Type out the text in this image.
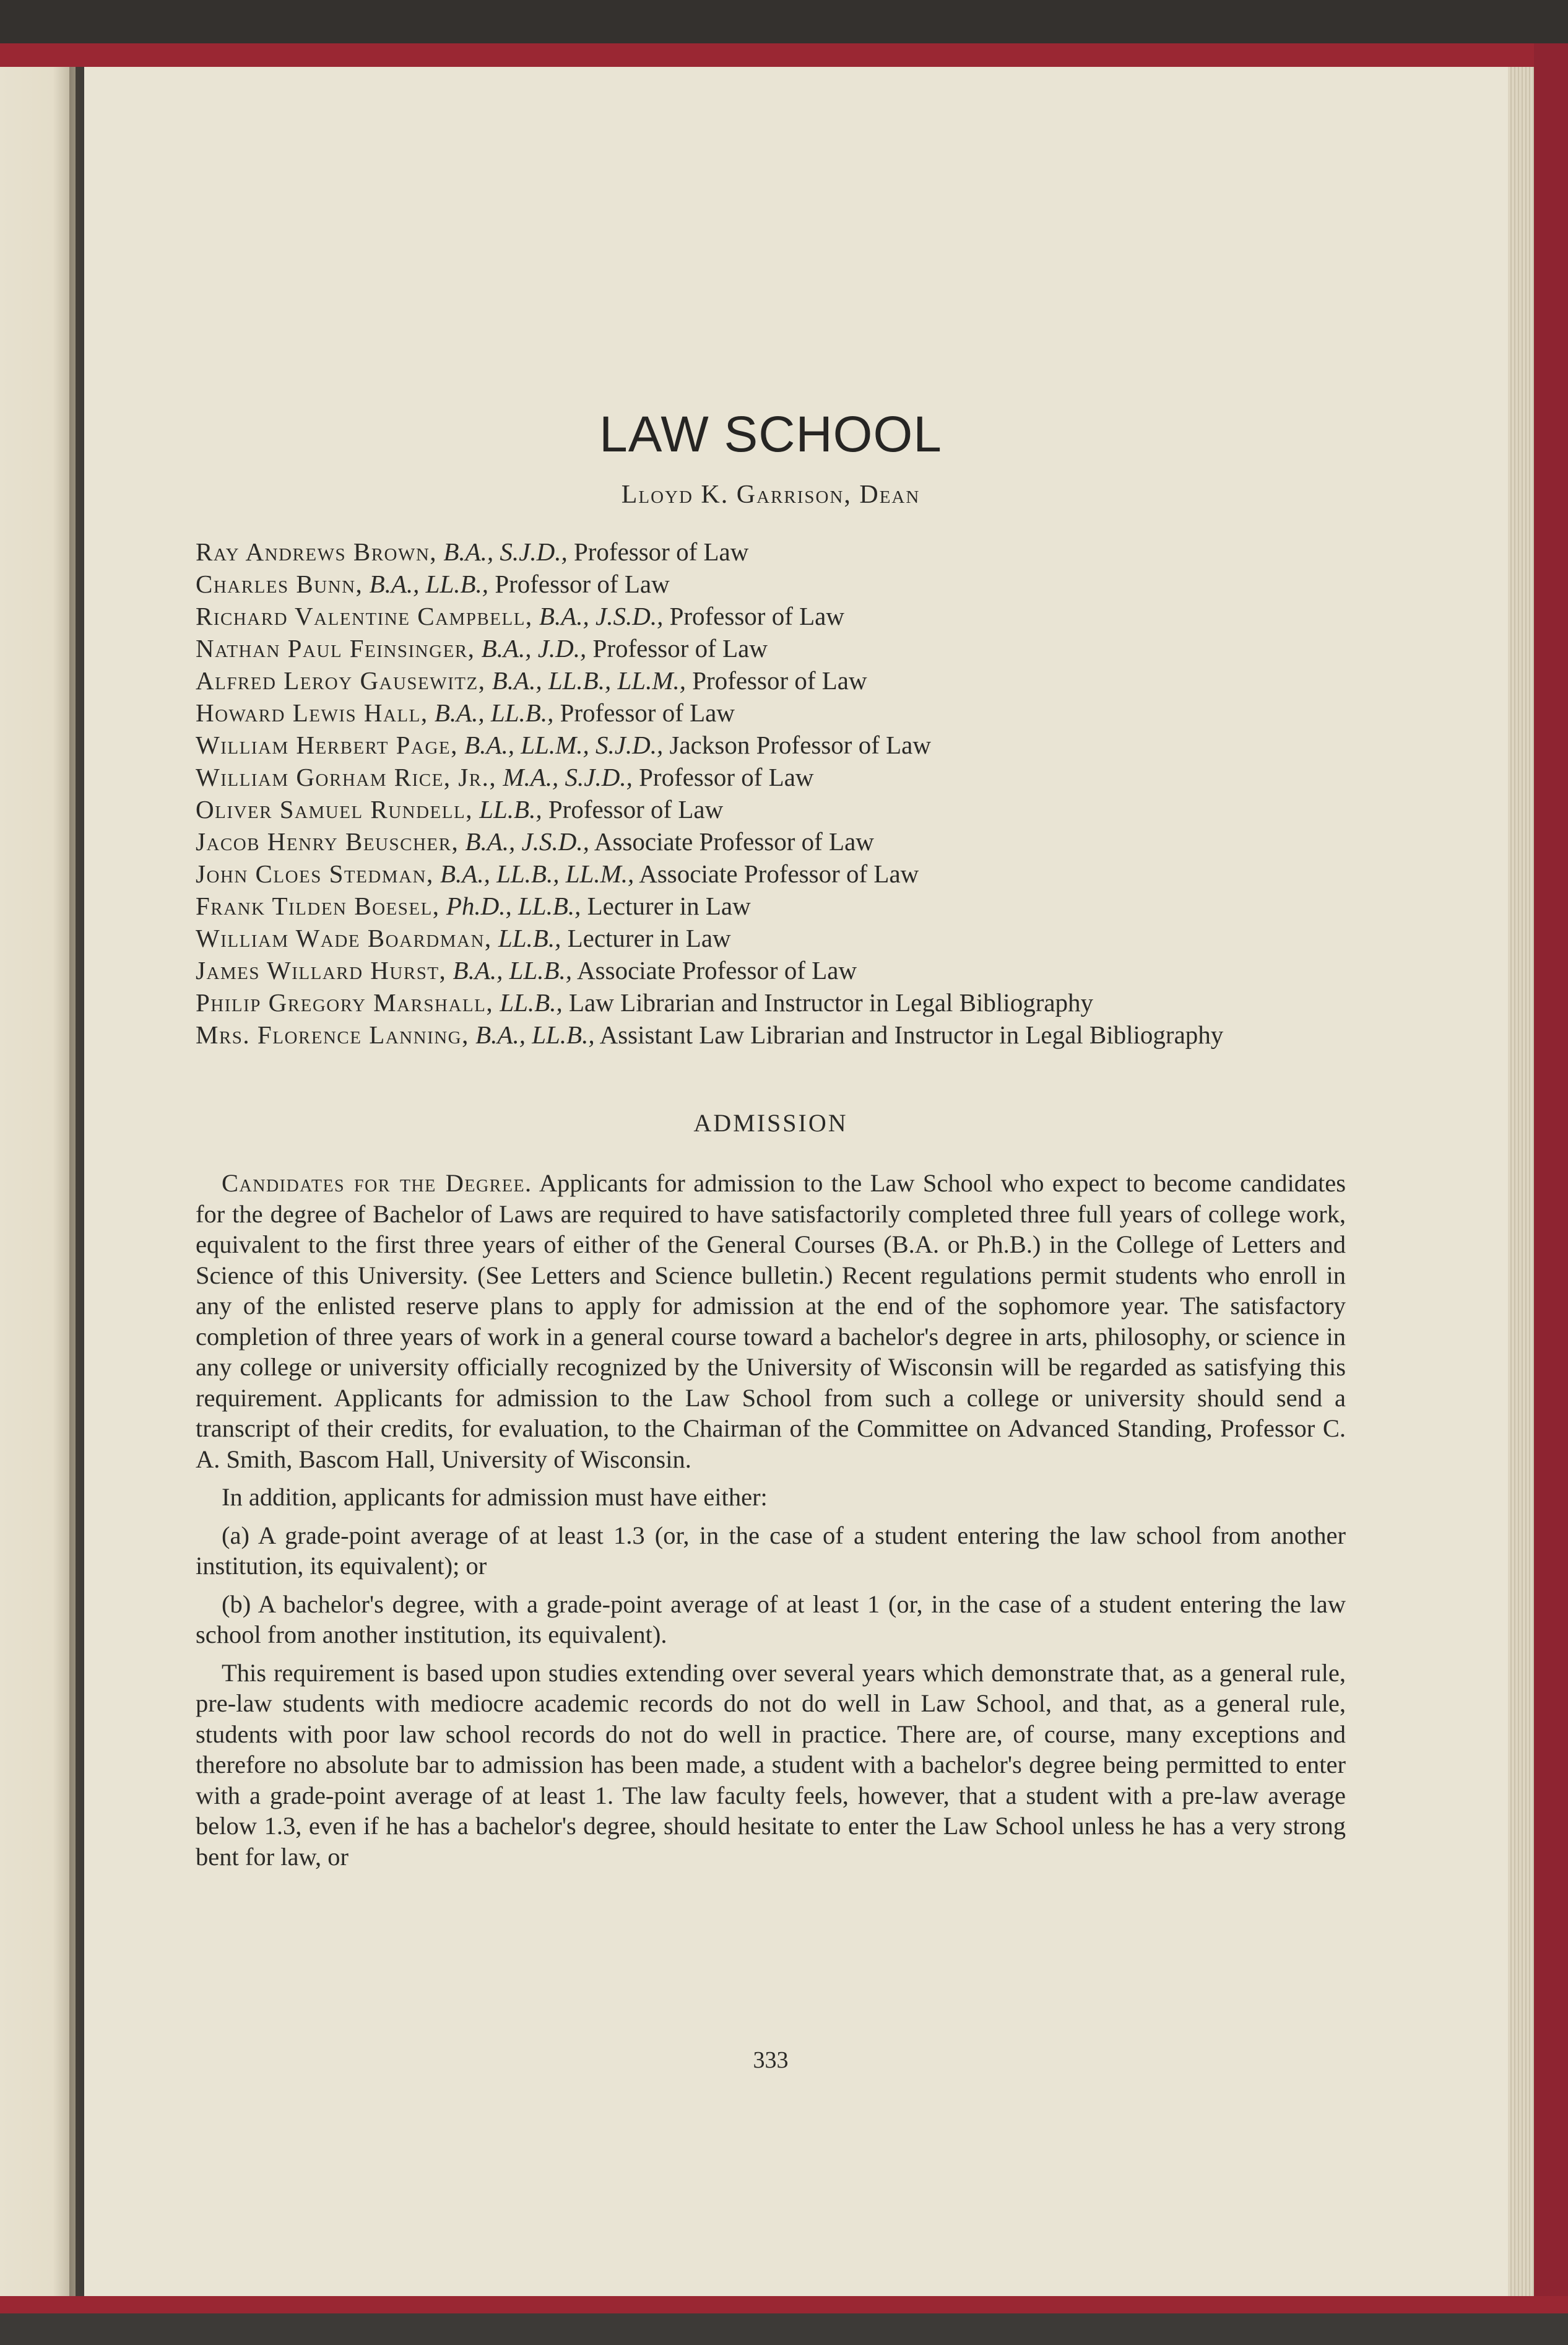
LAW SCHOOL
Lloyd K. Garrison, Dean
Ray Andrews Brown, B.A., S.J.D., Professor of Law
Charles Bunn, B.A., LL.B., Professor of Law
Richard Valentine Campbell, B.A., J.S.D., Professor of Law
Nathan Paul Feinsinger, B.A., J.D., Professor of Law
Alfred Leroy Gausewitz, B.A., LL.B., LL.M., Professor of Law
Howard Lewis Hall, B.A., LL.B., Professor of Law
William Herbert Page, B.A., LL.M., S.J.D., Jackson Professor of Law
William Gorham Rice, Jr., M.A., S.J.D., Professor of Law
Oliver Samuel Rundell, LL.B., Professor of Law
Jacob Henry Beuscher, B.A., J.S.D., Associate Professor of Law
John Cloes Stedman, B.A., LL.B., LL.M., Associate Professor of Law
Frank Tilden Boesel, Ph.D., LL.B., Lecturer in Law
William Wade Boardman, LL.B., Lecturer in Law
James Willard Hurst, B.A., LL.B., Associate Professor of Law
Philip Gregory Marshall, LL.B., Law Librarian and Instructor in Legal Bibliography
Mrs. Florence Lanning, B.A., LL.B., Assistant Law Librarian and Instructor in Legal Bibliography
ADMISSION

Candidates for the Degree. Applicants for admission to the Law School who expect to become candidates for the degree of Bachelor of Laws are required to have satisfactorily completed three full years of college work, equivalent to the first three years of either of the General Courses (B.A. or Ph.B.) in the College of Letters and Science of this University. (See Letters and Science bulletin.) Recent regulations permit students who enroll in any of the enlisted reserve plans to apply for admission at the end of the sophomore year. The satisfactory completion of three years of work in a general course toward a bachelor's degree in arts, philosophy, or science in any college or university officially recognized by the University of Wisconsin will be regarded as satisfying this requirement. Applicants for admission to the Law School from such a college or university should send a transcript of their credits, for evaluation, to the Chairman of the Committee on Advanced Standing, Professor C. A. Smith, Bascom Hall, University of Wisconsin.

In addition, applicants for admission must have either:

(a) A grade-point average of at least 1.3 (or, in the case of a student entering the law school from another institution, its equivalent); or

(b) A bachelor's degree, with a grade-point average of at least 1 (or, in the case of a student entering the law school from another institution, its equivalent).

This requirement is based upon studies extending over several years which demonstrate that, as a general rule, pre-law students with mediocre academic records do not do well in Law School, and that, as a general rule, students with poor law school records do not do well in practice. There are, of course, many exceptions and therefore no absolute bar to admission has been made, a student with a bachelor's degree being permitted to enter with a grade-point average of at least 1. The law faculty feels, however, that a student with a pre-law average below 1.3, even if he has a bachelor's degree, should hesitate to enter the Law School unless he has a very strong bent for law, or

333
